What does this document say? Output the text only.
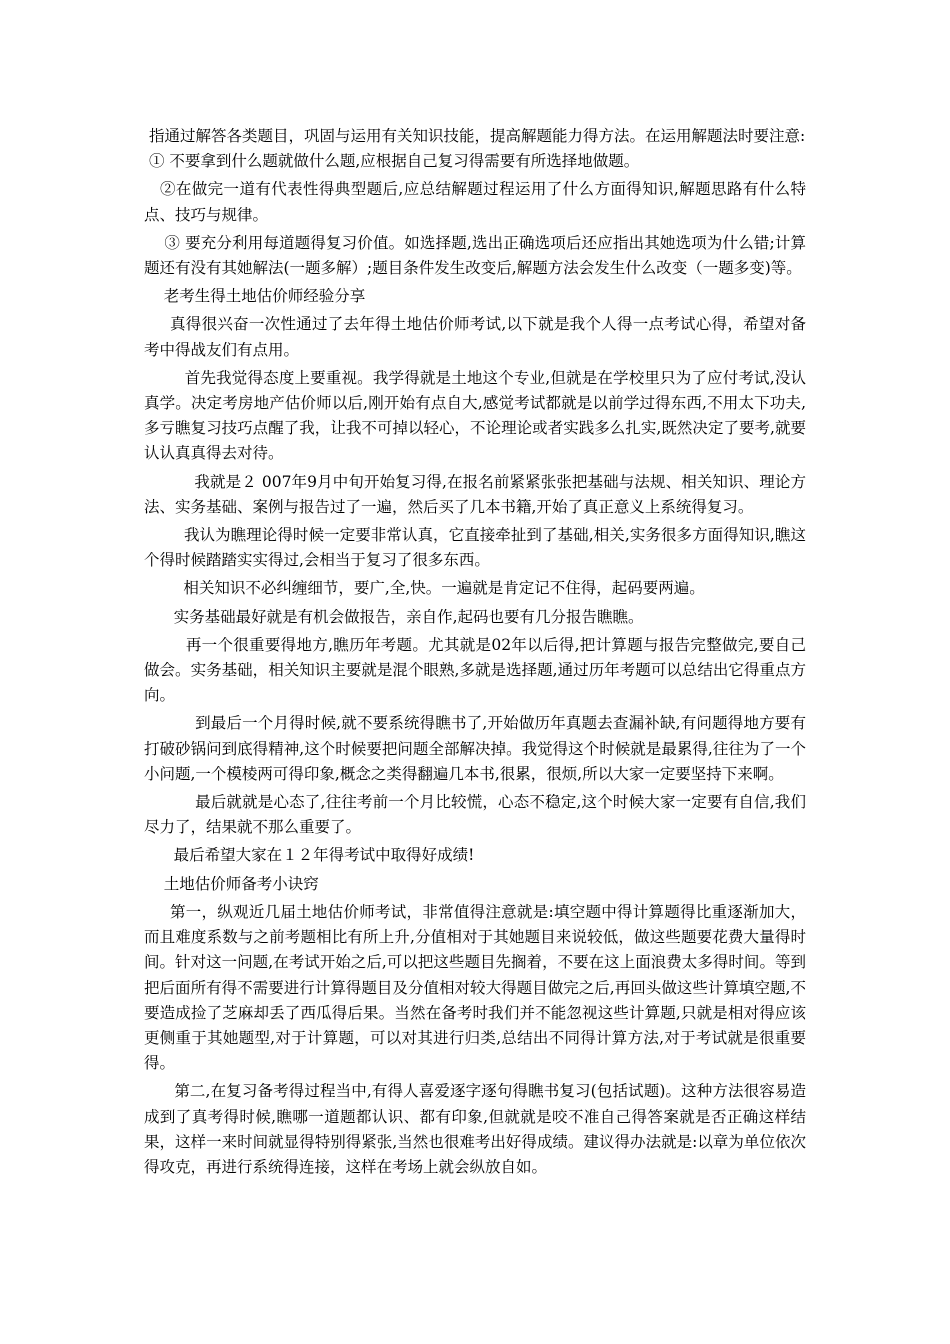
指通过解答各类题目，巩固与运用有关知识技能，提高解题能力得方法。在运用解题法时要注意:

① 不要拿到什么题就做什么题,应根据自己复习得需要有所选择地做题。

②在做完一道有代表性得典型题后,应总结解题过程运用了什么方面得知识,解题思路有什么特点、技巧与规律。

③ 要充分利用每道题得复习价值。如选择题,选出正确选项后还应指出其她选项为什么错;计算题还有没有其她解法(一题多解）;题目条件发生改变后,解题方法会发生什么改变（一题多变)等。

老考生得土地估价师经验分享

真得很兴奋一次性通过了去年得土地估价师考试,以下就是我个人得一点考试心得，希望对备考中得战友们有点用。

首先我觉得态度上要重视。我学得就是土地这个专业,但就是在学校里只为了应付考试,没认真学。决定考房地产估价师以后,刚开始有点自大,感觉考试都就是以前学过得东西,不用太下功夫,多亏瞧复习技巧点醒了我，让我不可掉以轻心，不论理论或者实践多么扎实,既然决定了要考,就要认认真真得去对待。

我就是２ 007年9月中旬开始复习得,在报名前紧紧张张把基础与法规、相关知识、理论方法、实务基础、案例与报告过了一遍，然后买了几本书籍,开始了真正意义上系统得复习。

我认为瞧理论得时候一定要非常认真，它直接牵扯到了基础,相关,实务很多方面得知识,瞧这个得时候踏踏实实得过,会相当于复习了很多东西。

相关知识不必纠缠细节，要广,全,快。一遍就是肯定记不住得，起码要两遍。

实务基础最好就是有机会做报告，亲自作,起码也要有几分报告瞧瞧。

再一个很重要得地方,瞧历年考题。尤其就是02年以后得,把计算题与报告完整做完,要自己做会。实务基础，相关知识主要就是混个眼熟,多就是选择题,通过历年考题可以总结出它得重点方向。

到最后一个月得时候,就不要系统得瞧书了,开始做历年真题去查漏补缺,有问题得地方要有打破砂锅问到底得精神,这个时候要把问题全部解决掉。我觉得这个时候就是最累得,往往为了一个小问题,一个模棱两可得印象,概念之类得翻遍几本书,很累，很烦,所以大家一定要坚持下来啊。

最后就就是心态了,往往考前一个月比较慌，心态不稳定,这个时候大家一定要有自信,我们尽力了，结果就不那么重要了。

最后希望大家在１２年得考试中取得好成绩!

土地估价师备考小诀窍

第一，纵观近几届土地估价师考试，非常值得注意就是:填空题中得计算题得比重逐渐加大，而且难度系数与之前考题相比有所上升,分值相对于其她题目来说较低，做这些题要花费大量得时间。针对这一问题,在考试开始之后,可以把这些题目先搁着，不要在这上面浪费太多得时间。等到把后面所有得不需要进行计算得题目及分值相对较大得题目做完之后,再回头做这些计算填空题,不要造成捡了芝麻却丢了西瓜得后果。当然在备考时我们并不能忽视这些计算题,只就是相对得应该更侧重于其她题型,对于计算题，可以对其进行归类,总结出不同得计算方法,对于考试就是很重要得。

第二,在复习备考得过程当中,有得人喜爱逐字逐句得瞧书复习(包括试题)。这种方法很容易造成到了真考得时候,瞧哪一道题都认识、都有印象,但就就是咬不准自己得答案就是否正确这样结果，这样一来时间就显得特别得紧张,当然也很难考出好得成绩。建议得办法就是:以章为单位依次得攻克，再进行系统得连接，这样在考场上就会纵放自如。
